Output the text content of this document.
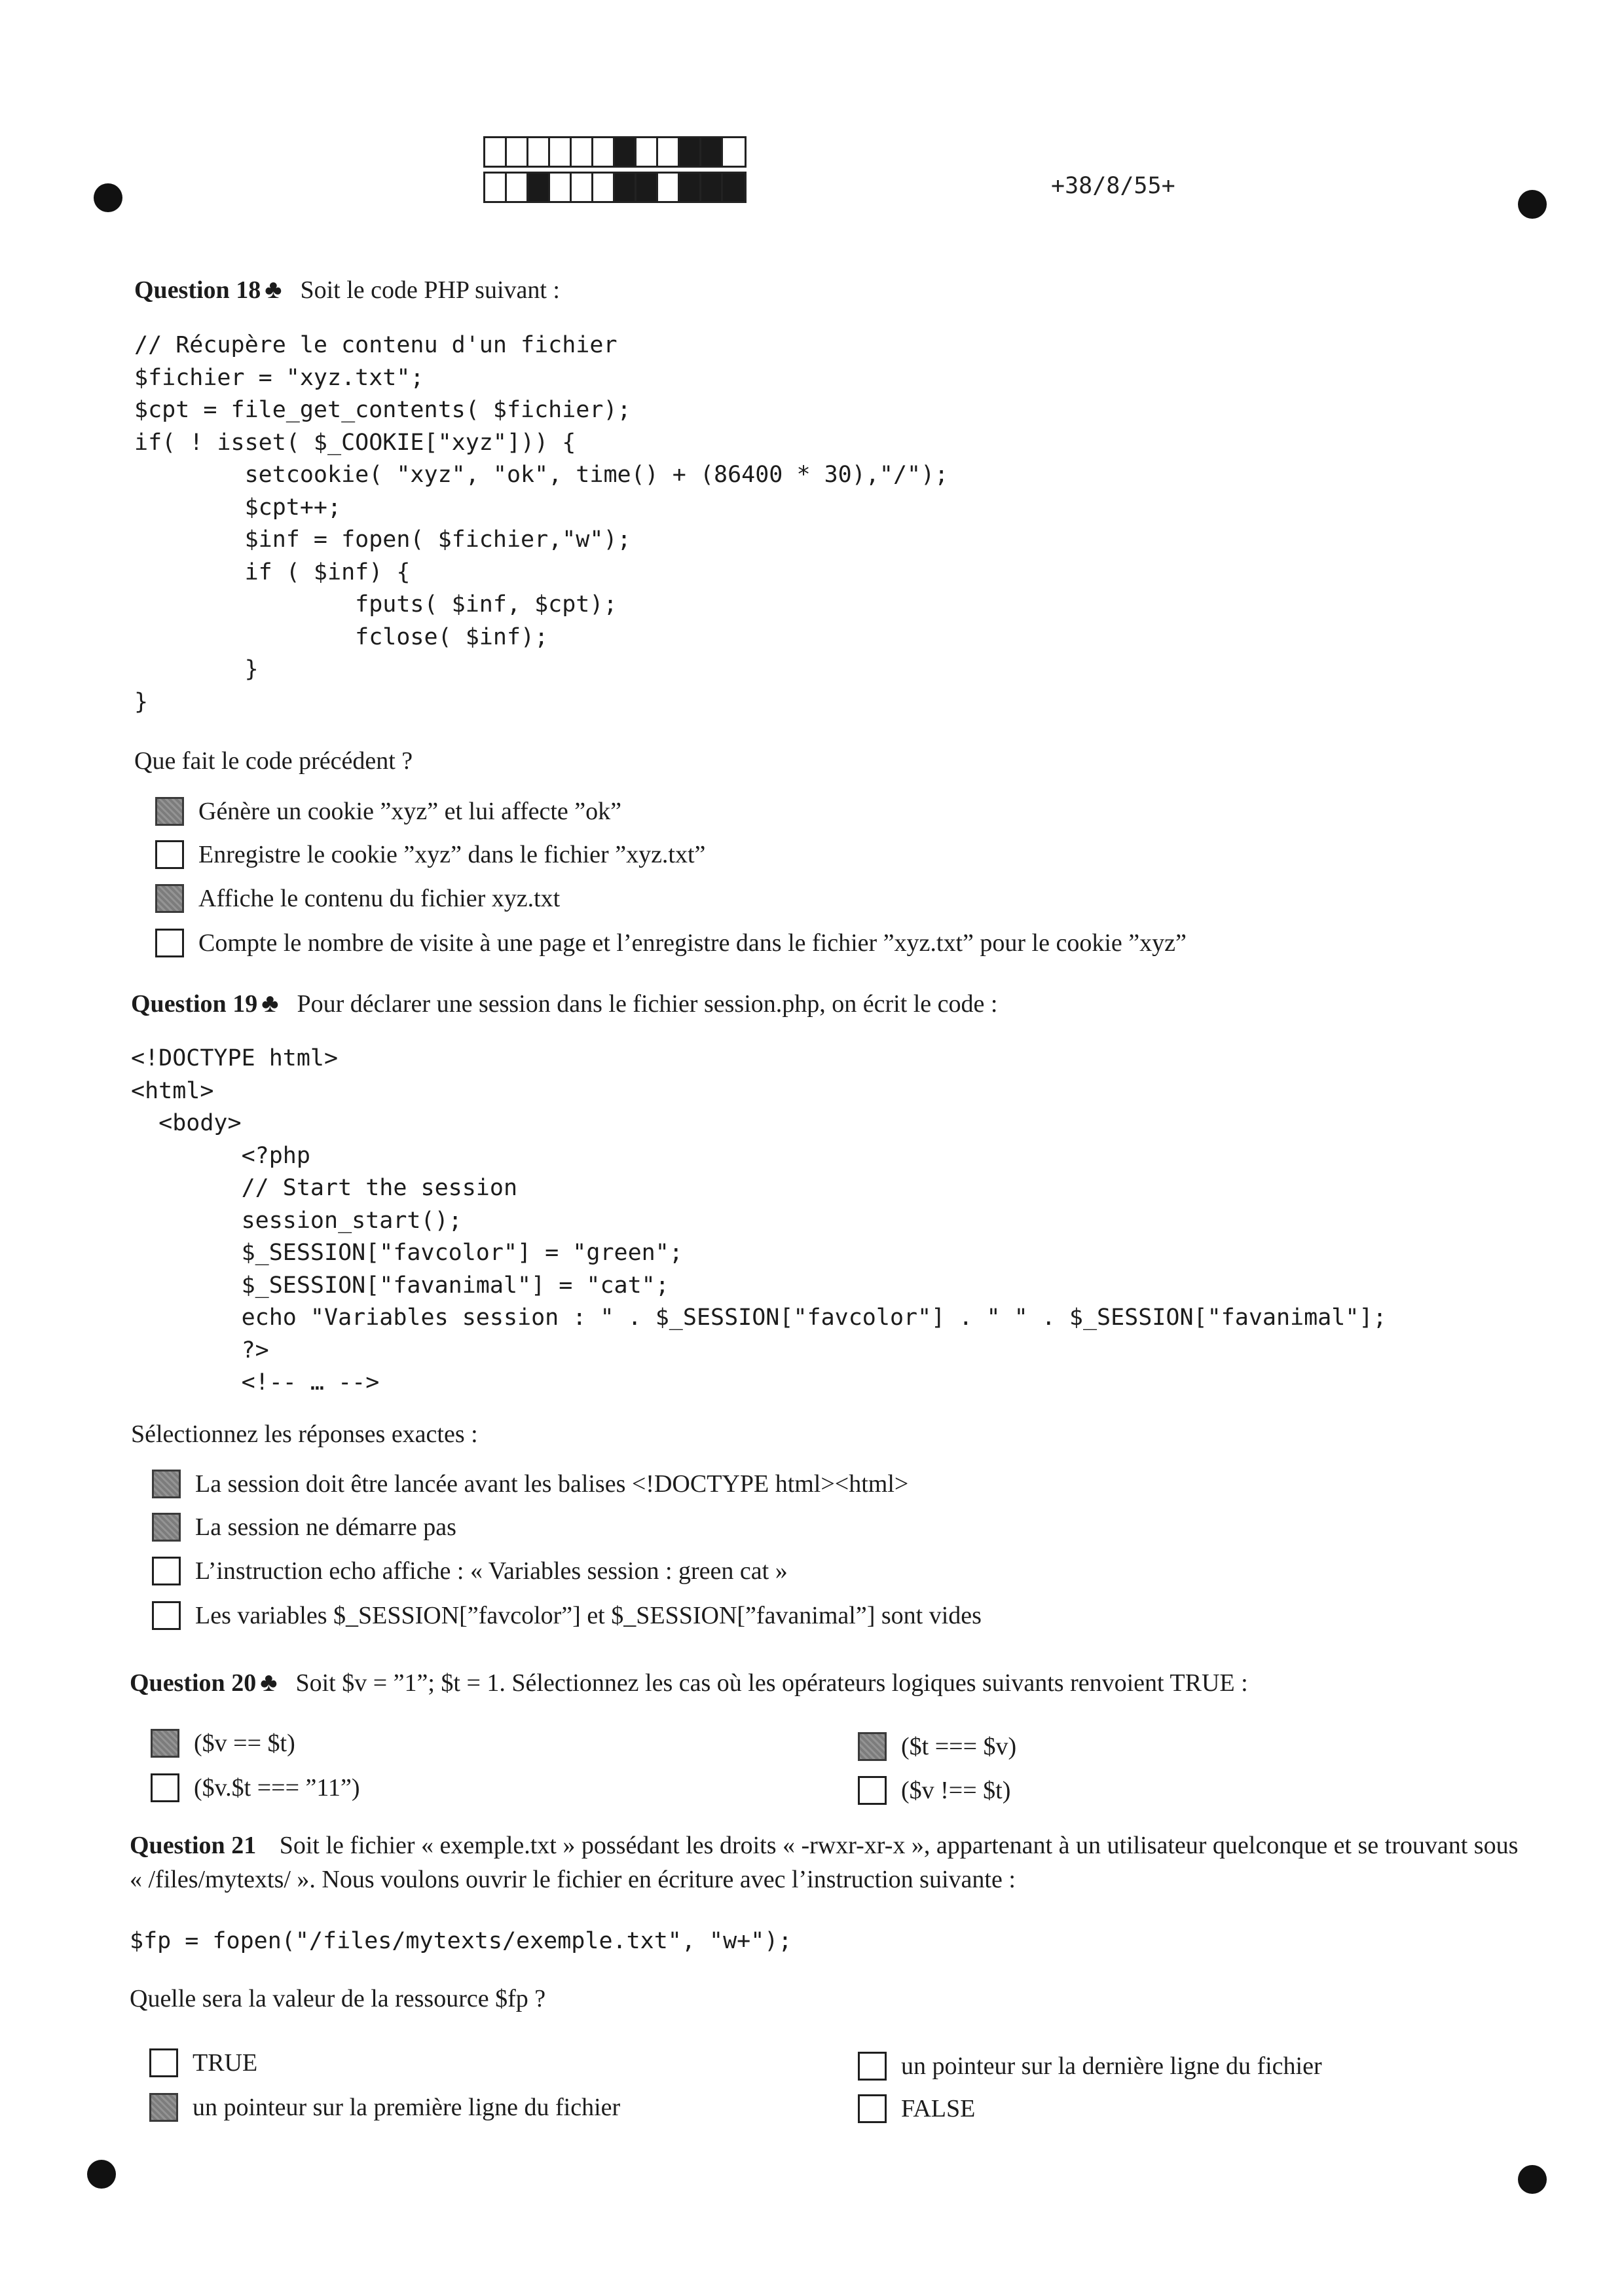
+38/8/55+
Question 18 ♣ Soit le code PHP suivant :
// Récupère le contenu d'un fichier
$fichier = "xyz.txt";
$cpt = file_get_contents( $fichier);
if( ! isset( $_COOKIE["xyz"])) {
setcookie( "xyz", "ok", time() + (86400 * 30),"/");
$cpt++;
$inf = fopen( $fichier,"w");
if ( $inf) {
fputs( $inf, $cpt);
fclose( $inf);
}
}
Que fait le code précédent ?
Génère un cookie ”xyz” et lui affecte ”ok”
Enregistre le cookie ”xyz” dans le fichier ”xyz.txt”
Affiche le contenu du fichier xyz.txt
Compte le nombre de visite à une page et l’enregistre dans le fichier ”xyz.txt” pour le cookie ”xyz”
Question 19 ♣ Pour déclarer une session dans le fichier session.php, on écrit le code :
<!DOCTYPE html>
<html>
<body>
<?php
// Start the session
session_start();
$_SESSION["favcolor"] = "green";
$_SESSION["favanimal"] = "cat";
echo "Variables session : " . $_SESSION["favcolor"] . " " . $_SESSION["favanimal"];
?>
<!-- … -->
Sélectionnez les réponses exactes :
La session doit être lancée avant les balises <!DOCTYPE html><html>
La session ne démarre pas
L’instruction echo affiche : « Variables session : green cat »
Les variables $_SESSION[”favcolor”] et $_SESSION[”favanimal”] sont vides
Question 20 ♣ Soit $v = ”1”; $t = 1. Sélectionnez les cas où les opérateurs logiques suivants renvoient TRUE :
($v == $t)	($t === $v)
($v.$t === ”11”)	($v !== $t)
Question 21 Soit le fichier « exemple.txt » possédant les droits « -rwxr-xr-x », appartenant à un utilisateur quelconque et se trouvant sous « /files/mytexts/ ». Nous voulons ouvrir le fichier en écriture avec l’instruction suivante :
$fp = fopen("/files/mytexts/exemple.txt", "w+");
Quelle sera la valeur de la ressource $fp ?
TRUE	un pointeur sur la dernière ligne du fichier
un pointeur sur la première ligne du fichier	FALSE
